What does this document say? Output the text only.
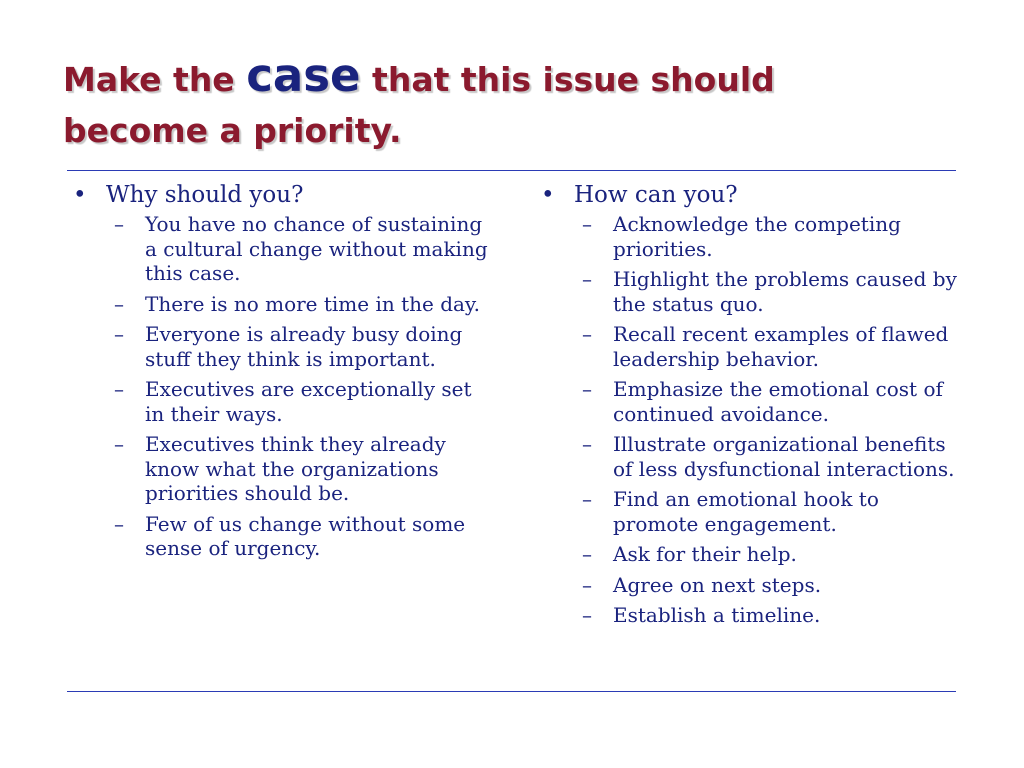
Make the case that this issue should
become a priority.
• Why should you?
–	You have no chance of sustaining a cultural change without making this case.
–	There is no more time in the day.
–	Everyone is already busy doing stuff they think is important.
–	Executives are exceptionally set in their ways.
–	Executives think they already know what the organizations priorities should be.
–	Few of us change without some sense of urgency.
• How can you?
–	Acknowledge the competing priorities.
–	Highlight the problems caused by the status quo.
–	Recall recent examples of flawed leadership behavior.
–	Emphasize the emotional cost of continued avoidance.
–	Illustrate organizational benefits of less dysfunctional interactions.
–	Find an emotional hook to promote engagement.
–	Ask for their help.
–	Agree on next steps.
–	Establish a timeline.
